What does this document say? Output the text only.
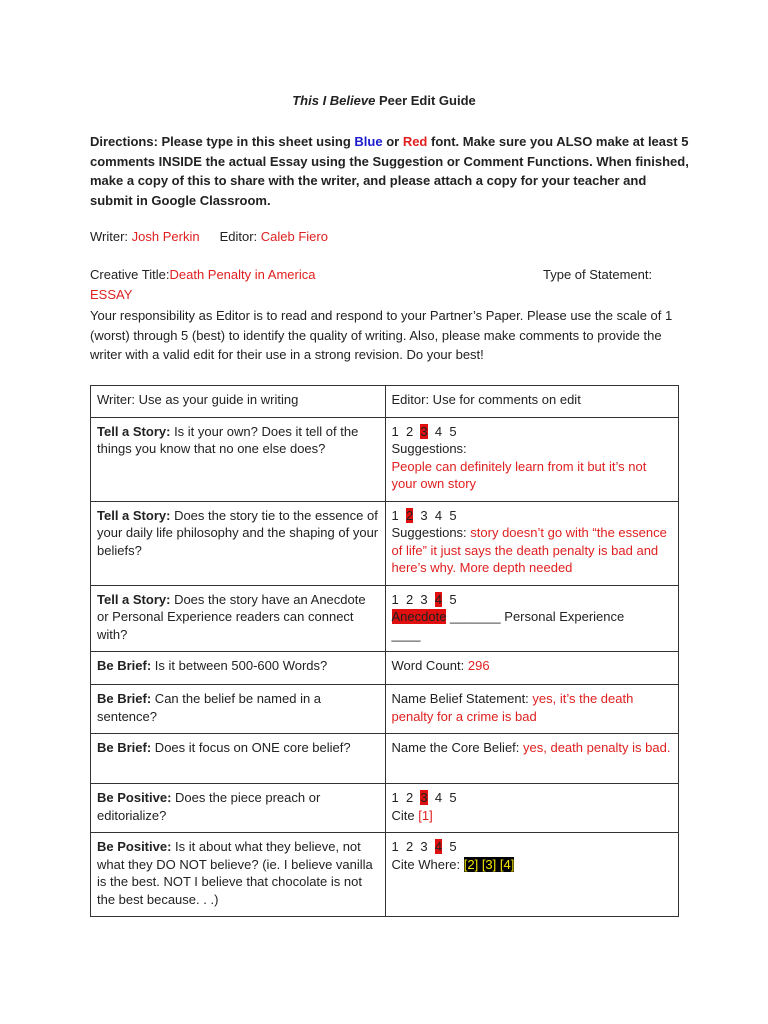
This I Believe Peer Edit Guide
Directions: Please type in this sheet using Blue or Red font. Make sure you ALSO make at least 5 comments INSIDE the actual Essay using the Suggestion or Comment Functions. When finished, make a copy of this to share with the writer, and please attach a copy for your teacher and submit in Google Classroom.
Writer: Josh Perkin Editor: Caleb Fiero
Creative Title:Death Penalty in America	Type of Statement:
ESSAY
Your responsibility as Editor is to read and respond to your Partner’s Paper. Please use the scale of 1 (worst) through 5 (best) to identify the quality of writing. Also, please make comments to provide the writer with a valid edit for their use in a strong revision. Do your best!
Writer: Use as your guide in writing	Editor: Use for comments on edit
Tell a Story: Is it your own? Does it tell of the things you know that no one else does?	1  2  3  4  5
Suggestions:
People can definitely learn from it but it’s not your own story
Tell a Story: Does the story tie to the essence of your daily life philosophy and the shaping of your beliefs?	1  2  3  4  5
Suggestions: story doesn’t go with “the essence of life” it just says the death penalty is bad and here’s why. More depth needed
Tell a Story: Does the story have an Anecdote or Personal Experience readers can connect with?	1  2  3  4  5
Anecdote _______ Personal Experience
____
Be Brief: Is it between 500-600 Words?	Word Count: 296
Be Brief: Can the belief be named in a sentence?	Name Belief Statement: yes, it’s the death penalty for a crime is bad
Be Brief: Does it focus on ONE core belief?	Name the Core Belief: yes, death penalty is bad.
Be Positive: Does the piece preach or editorialize?	1  2  3  4  5
Cite [1]
Be Positive: Is it about what they believe, not what they DO NOT believe? (ie. I believe vanilla is the best. NOT I believe that chocolate is not the best because. . .)	1  2  3  4  5
Cite Where: [2] [3] [4]
